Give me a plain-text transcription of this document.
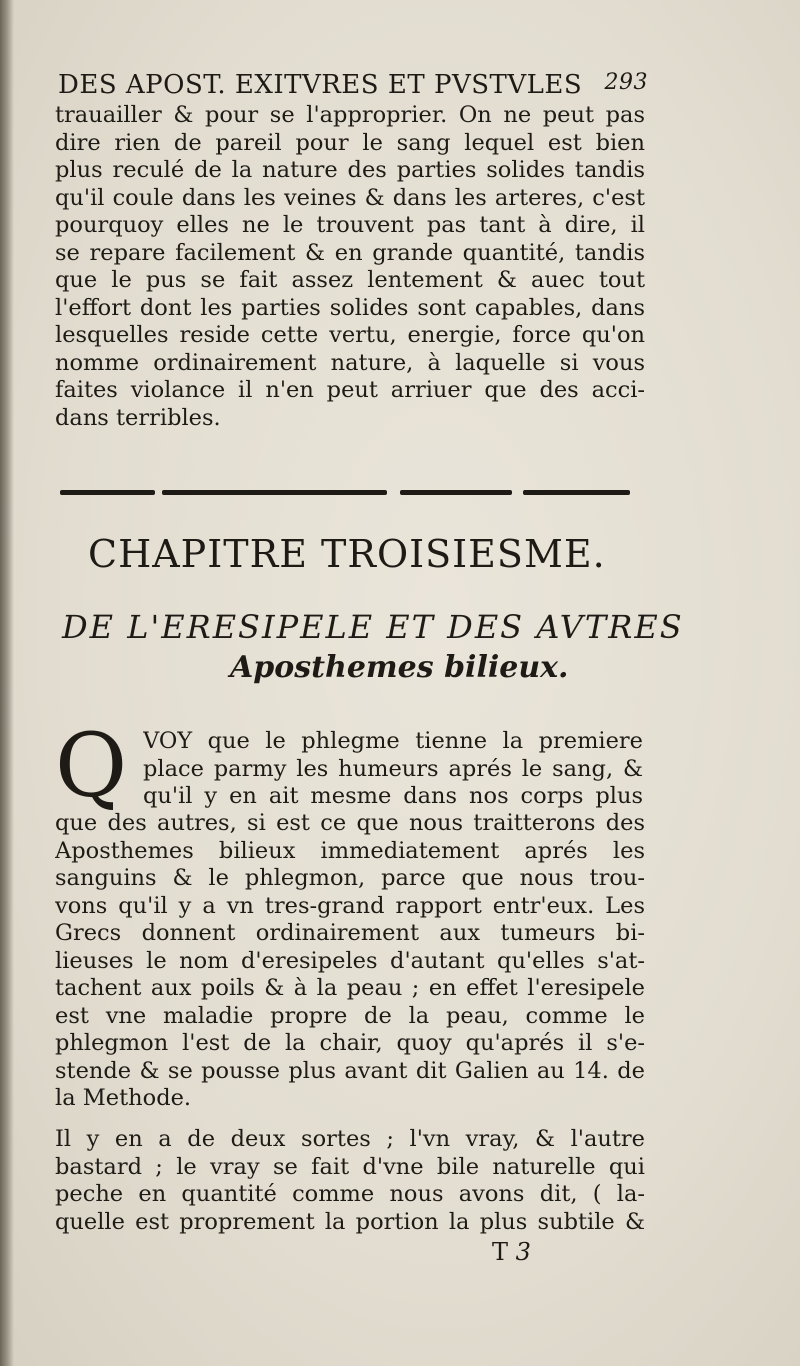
DES APOST. EXITVRES ET PVSTVLES 293
trauailler & pour se l'approprier. On ne peut pas
dire rien de pareil pour le sang lequel est bien
plus reculé de la nature des parties solides tandis
qu'il coule dans les veines & dans les arteres, c'est
pourquoy elles ne le trouvent pas tant à dire, il
se repare facilement & en grande quantité, tandis
que le pus se fait assez lentement & auec tout
l'effort dont les parties solides sont capables, dans
lesquelles reside cette vertu, energie, force qu'on
nomme ordinairement nature, à laquelle si vous
faites violance il n'en peut arriuer que des acci-
dans terribles.
CHAPITRE TROISIESME.
DE L'ERESIPELE ET DES AVTRES
Aposthemes bilieux.
Q VOY que le phlegme tienne la premiere
place parmy les humeurs aprés le sang, &
qu'il y en ait mesme dans nos corps plus
que des autres, si est ce que nous traitterons des
Aposthemes bilieux immediatement aprés les
sanguins & le phlegmon, parce que nous trou-
vons qu'il y a vn tres-grand rapport entr'eux. Les
Grecs donnent ordinairement aux tumeurs bi-
lieuses le nom d'eresipeles d'autant qu'elles s'at-
tachent aux poils & à la peau ; en effet l'eresipele
est vne maladie propre de la peau, comme le
phlegmon l'est de la chair, quoy qu'aprés il s'e-
stende & se pousse plus avant dit Galien au 14. de
la Methode.
Il y en a de deux sortes ; l'vn vray, & l'autre
bastard ; le vray se fait d'vne bile naturelle qui
peche en quantité comme nous avons dit, ( la-
quelle est proprement la portion la plus subtile &
T 3
